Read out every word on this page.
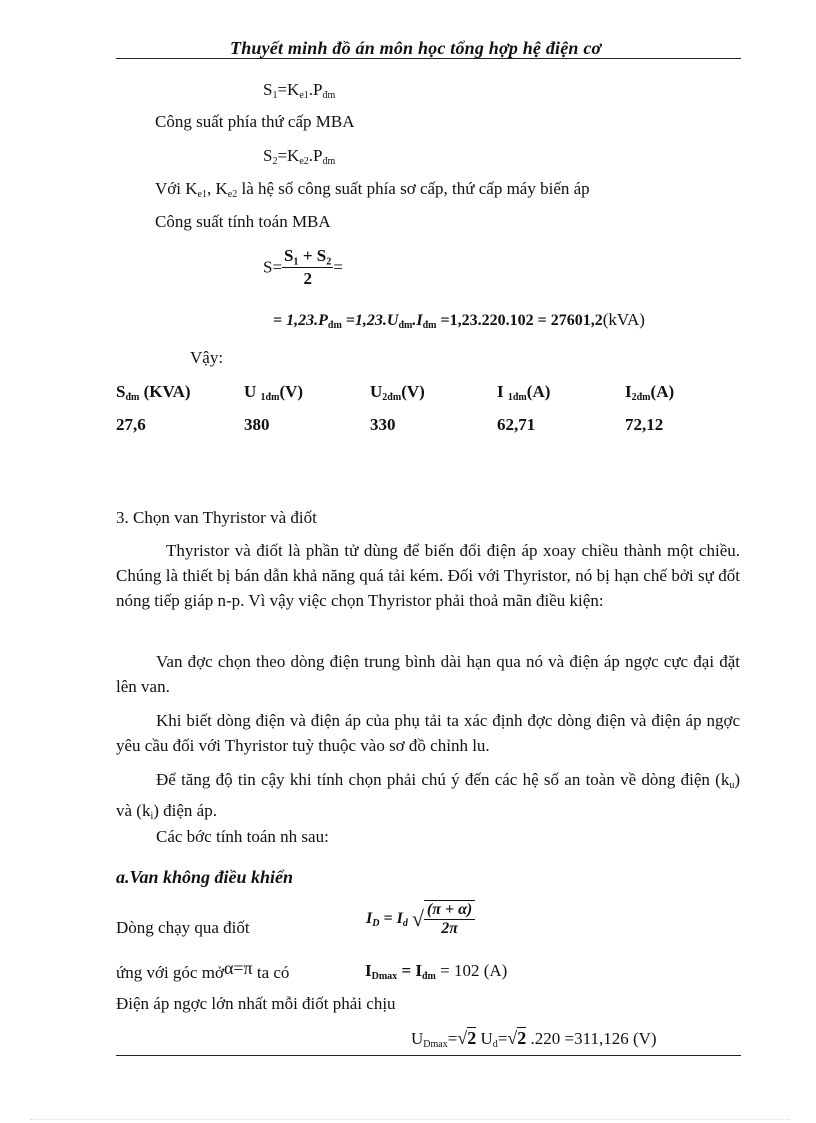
Thuyết minh đồ án môn học tổng hợp hệ điện cơ
$S_1=K_{e1}.P_{đm}$
Công suất phía thứ cấp MBA
$S_2=K_{e2}.P_{đm}$
Với $K_{e1}$, $K_{e2}$ là hệ số công suất phía sơ cấp, thứ cấp máy biến áp
Công suất tính toán MBA
$S= \frac{\text{S₁ + S₂}}{2}$ =
= $1,23.P_{đm} =1,23.U_{đm}.I_{đm} =1,23.220.102 = 27601,2(kVA)$
Vậy:
$S_{đm}$ (KVA)	U $_{1đm}$(V)	$U_{2đm}(V)$	I $_{1đm}$(A)	$I_{2đm}(A)$
27,6	380	330	62,71	72,12
3. Chọn van Thyristor và điốt
Thyristor và điốt là phần tử dùng để biến đổi điện áp xoay chiều thành một chiều. Chúng là thiết bị bán dẫn khả năng quá tải kém. Đối với Thyristor, nó bị hạn chế bởi sự đốt nóng tiếp giáp n-p. Vì vậy việc chọn Thyristor phải thoả mãn điều kiện:
Van đợc chọn theo dòng điện trung bình dài hạn qua nó và điện áp ngợc cực đại đặt lên van.
Khi biết dòng điện và điện áp của phụ tải ta xác định đợc dòng điện và điện áp ngợc yêu cầu đối với Thyristor tuỳ thuộc vào sơ đồ chỉnh lu.
Để tăng độ tin cậy khi tính chọn phải chú ý đến các hệ số an toàn về dòng điện $(k_u)$ và $(k_i)$ điện áp.
Các bớc tính toán nh sau:
a.Van không điều khiển
Dòng chạy qua điốt	$I_D = I_d$ √ $\frac{(\pi + \alpha)}{2\pi}$
ứng với góc mởα=π ta có	$I_{Dmax} = I_{đm} = 102$ (A)
Điện áp ngợc lớn nhất mỗi điốt phải chịu
$U_{Dmax}=√2$ $U_d=√2$ .220 =311,126 (V)
